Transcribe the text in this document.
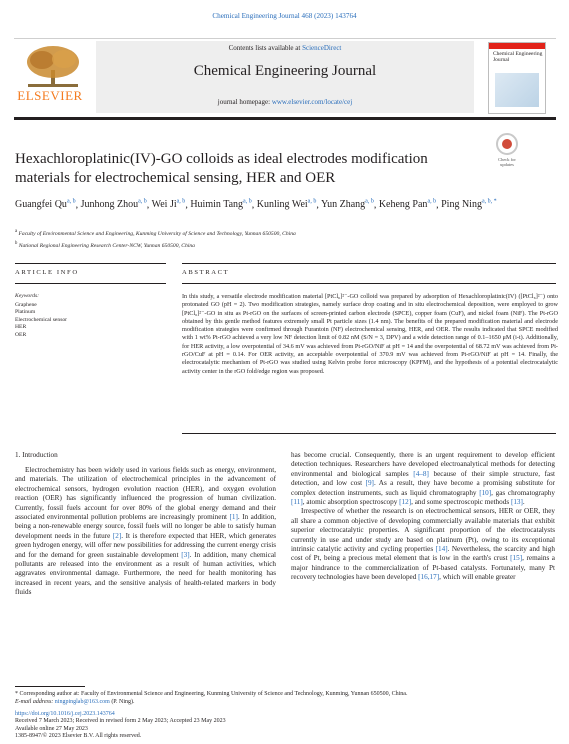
Chemical Engineering Journal 468 (2023) 143764
ELSEVIER
Contents lists available at ScienceDirect
Chemical Engineering Journal
journal homepage: www.elsevier.com/locate/cej
Chemical Engineering Journal
Check for updates
Hexachloroplatinic(IV)-GO colloids as ideal electrodes modification
materials for electrochemical sensing, HER and OER
Guangfei Qu$^{a, b}$, Junhong Zhou$^{a, b}$, Wei Ji$^{a, b}$, Huimin Tang$^{a, b}$, Kunling Wei$^{a, b}$, Yun Zhang$^{a, b}$, Keheng Pan$^{a, b}$, Ping Ning$^{a, b, *}$
$^a$ Faculty of Environmental Science and Engineering, Kunming University of Science and Technology, Yunnan 650500, China
$^b$ National Regional Engineering Research Center-NCW, Yunnan 650500, China
ARTICLE INFO	ABSTRACT
Keywords:
Graphene
Platinum
Electrochemical sensor
HER
OER
In this study, a versatile electrode modification material [PtCl₆]²⁻-GO colloid was prepared by adsorption of Hexachloroplatinic(IV) ([PtCl₆]²⁻) onto protonated GO (pH = 2). Two modification strategies, namely surface drop coating and in situ electrochemical deposition, were employed to grow [PtCl₆]²⁻-GO in situ as Pt-rGO on the surfaces of screen-printed carbon electrode (SPCE), copper foam (CuF), and nickel foam (NiF). The Pt-rGO obtained by this gentle method features extremely small Pt particle sizes (1.4 nm). The benefits of the prepared modification material and electrode modification strategies were confirmed through Furantoin (NF) electrochemical sensing, HER, and OER. The results indicated that SPCE modified with 1 wt% Pt-rGO achieved a very low NF detection limit of 0.82 nM (S/N = 3, DPV) and a wide detection range of 0.1–1650 μM (i-t). Additionally, for HER activity, a low overpotential of 34.6 mV was achieved from Pt-rGO/NiF at pH = 14 and the overpotential of 68.72 mV was achieved from Pt-rGO/CuF at pH = 0.14. For OER activity, an acceptable overpotential of 370.9 mV was achieved from Pt-rGO/NiF at pH = 14. Finally, the electrocatalytic mechanism of Pt-rGO was studied using Kelvin probe force microscopy (KPFM), and the hypothesis of a potential electrocatalytic activity center in the rGO fold/edge region was proposed.
1. Introduction

Electrochemistry has been widely used in various fields such as energy, environment, and materials. The utilization of electrochemical principles in the advancement of electrochemical sensors, hydrogen evolution reaction (HER), and oxygen evolution reaction (OER) has significantly influenced the progression of human civilization. Currently, fossil fuels account for over 80% of the global energy demand and their associated environmental pollution problems are increasingly prominent [1]. In addition, being a non-renewable energy source, fossil fuels will no longer be able to satisfy human development needs in the future [2]. It is therefore expected that HER, which generates green hydrogen energy, will offer new possibilities for addressing the current energy crisis and for the demand for green sustainable development [3]. In addition, many chemical pollutants are released into the environment as a result of human activities, which aggravates environmental damage. Furthermore, the need for health monitoring has increased in recent years, and the sensitive analysis of health-related markers in body fluids

has become crucial. Consequently, there is an urgent requirement to develop efficient detection techniques. Researchers have developed electroanalytical methods for detecting environmental and biological samples [4–8] because of their simple structure, fast detection, and low cost [9]. As a result, they have become a promising substitute for complex detection instruments, such as liquid chromatography [10], gas chromatography [11], atomic absorption spectroscopy [12], and some spectroscopic methods [13].

Irrespective of whether the research is on electrochemical sensors, HER or OER, they all share a common objective of developing commercially available materials that exhibit superior electrocatalytic properties. A significant proportion of the electrocatalysts currently in use and under study are based on platinum (Pt), owing to its exceptional intrinsic catalytic activity and cycling properties [14]. Nevertheless, the scarcity and high cost of Pt, being a precious metal element that is low in the earth's crust [15], remains a major hindrance to the commercialization of Pt-based catalysts. Fortunately, many Pt recovery technologies have been developed [16,17], which will enable greater

* Corresponding author at: Faculty of Environmental Science and Engineering, Kunming University of Science and Technology, Kunming, Yunnan 650500, China.
E-mail address: ningpinglab@163.com (P. Ning).
https://doi.org/10.1016/j.cej.2023.143764
Received 7 March 2023; Received in revised form 2 May 2023; Accepted 23 May 2023
Available online 27 May 2023
1385-8947/© 2023 Elsevier B.V. All rights reserved.
